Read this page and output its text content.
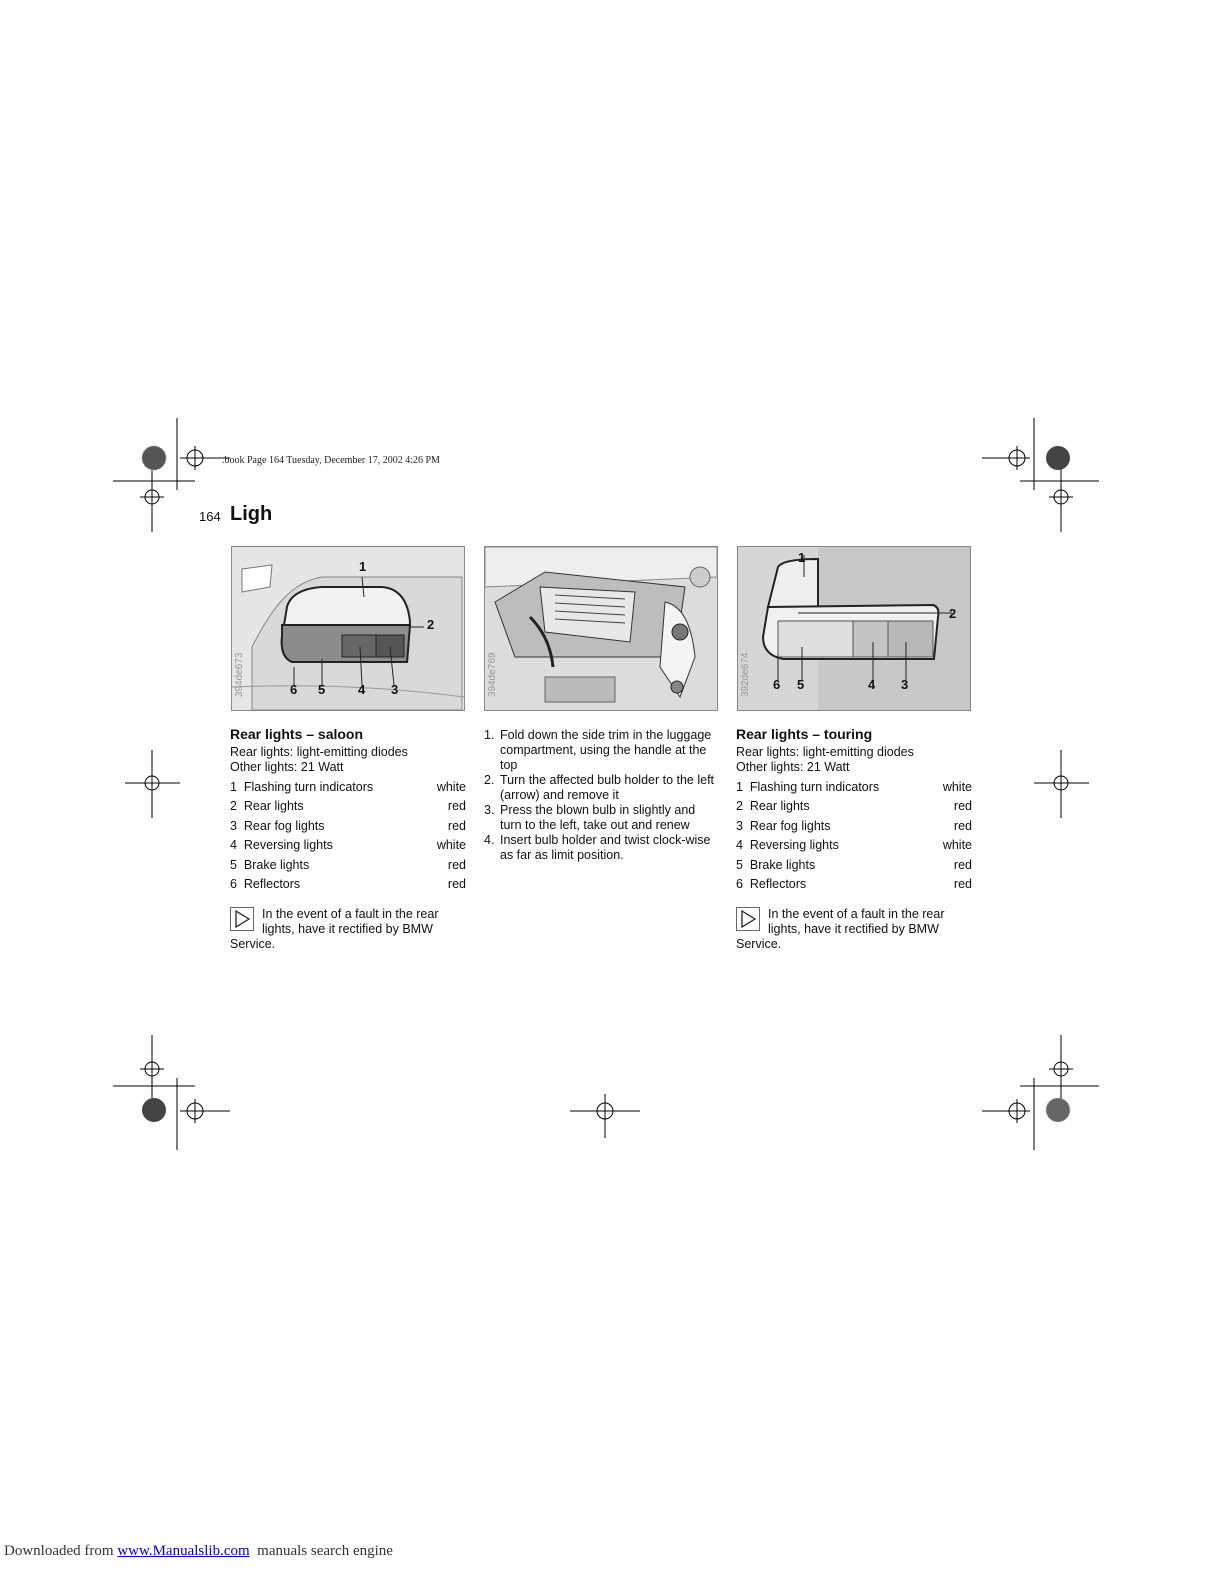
.book Page 164 Tuesday, December 17, 2002 4:26 PM
164 Ligh
394de673
1
2
6 5	4 3	394de769	392de674
1
2
6 5	4 3
Rear lights – saloon
Rear lights: light-emitting diodes
Other lights: 21 Watt
1  Flashing turn indicators	white
2  Rear lights	red
3  Rear fog lights	red
4  Reversing lights	white
5  Brake lights	red
6  Reflectors	red
In the event of a fault in the rear lights, have it rectified by BMW
Service.
1. Fold down the side trim in the luggage compartment, using the handle at the top
2. Turn the affected bulb holder to the left (arrow) and remove it
3. Press the blown bulb in slightly and turn to the left, take out and renew
4. Insert bulb holder and twist clock-wise as far as limit position.
Rear lights – touring
Rear lights: light-emitting diodes
Other lights: 21 Watt
1  Flashing turn indicators	white
2  Rear lights	red
3  Rear fog lights	red
4  Reversing lights	white
5  Brake lights	red
6  Reflectors	red
In the event of a fault in the rear lights, have it rectified by BMW
Service.
Downloaded from www.Manualslib.com  manuals search engine
